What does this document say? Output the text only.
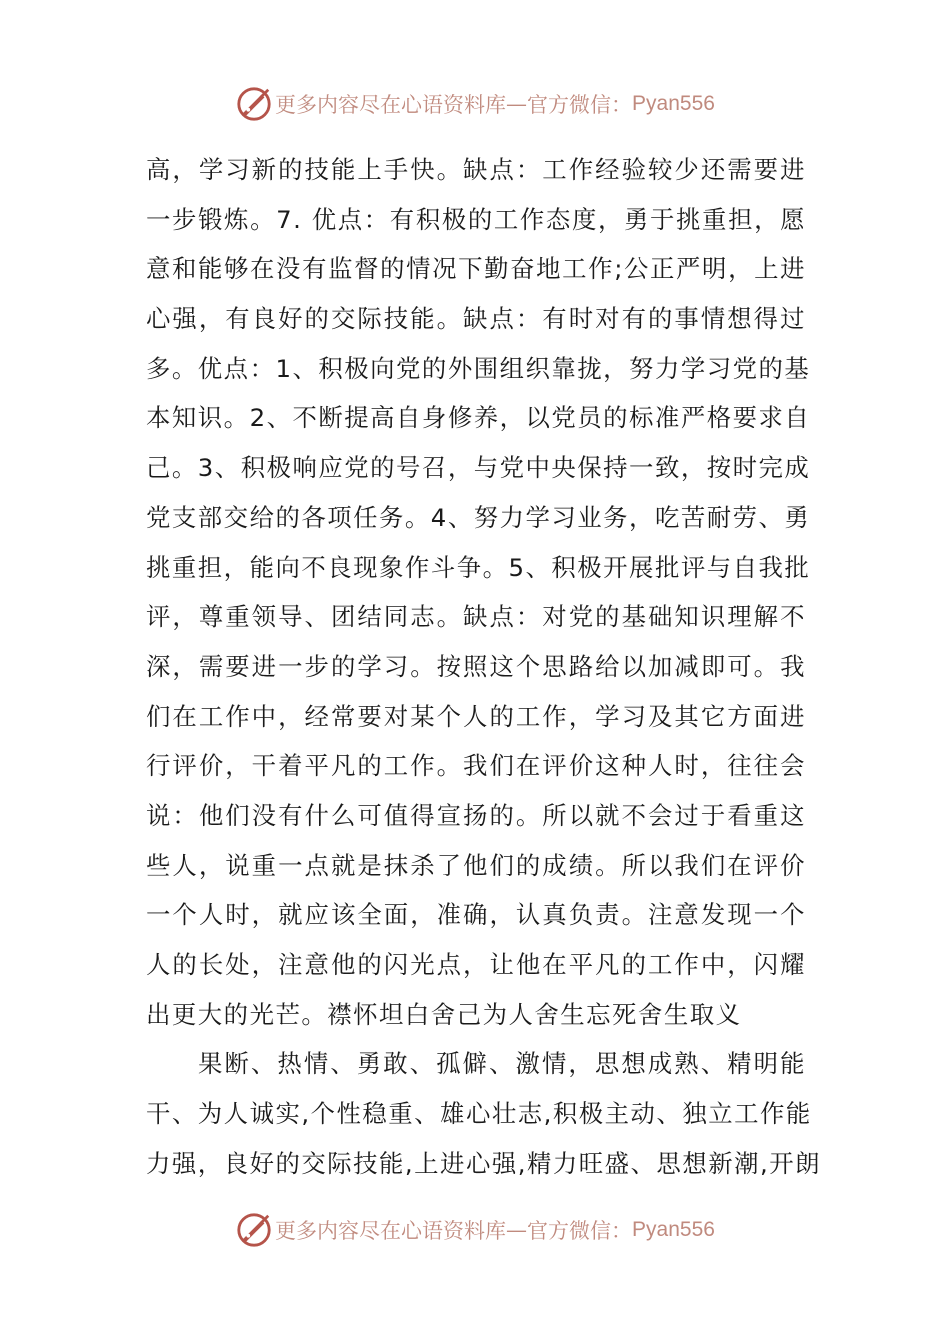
更多内容尽在心语资料库 — 官方微信： Pyan556
高，学习新的技能上手快。缺点：工作经验较少还需要进
一步锻炼。7. 优点：有积极的工作态度，勇于挑重担，愿
意和能够在没有监督的情况下勤奋地工作;公正严明，上进
心强，有良好的交际技能。缺点：有时对有的事情想得过
多。优点：1、积极向党的外围组织靠拢，努力学习党的基
本知识。2、不断提高自身修养，以党员的标准严格要求自
己。3、积极响应党的号召，与党中央保持一致，按时完成
党支部交给的各项任务。4、努力学习业务，吃苦耐劳、勇
挑重担，能向不良现象作斗争。5、积极开展批评与自我批
评，尊重领导、团结同志。缺点：对党的基础知识理解不
深，需要进一步的学习。按照这个思路给以加减即可。我
们在工作中，经常要对某个人的工作，学习及其它方面进
行评价，干着平凡的工作。我们在评价这种人时，往往会
说：他们没有什么可值得宣扬的。所以就不会过于看重这
些人，说重一点就是抹杀了他们的成绩。所以我们在评价
一个人时，就应该全面，准确，认真负责。注意发现一个
人的长处，注意他的闪光点，让他在平凡的工作中，闪耀
出更大的光芒。襟怀坦白舍己为人舍生忘死舍生取义
果断、热情、勇敢、孤僻、激情，思想成熟、精明能
干、为人诚实,个性稳重、雄心壮志,积极主动、独立工作能
力强，良好的交际技能,上进心强,精力旺盛、思想新潮,开朗
更多内容尽在心语资料库 — 官方微信： Pyan556
